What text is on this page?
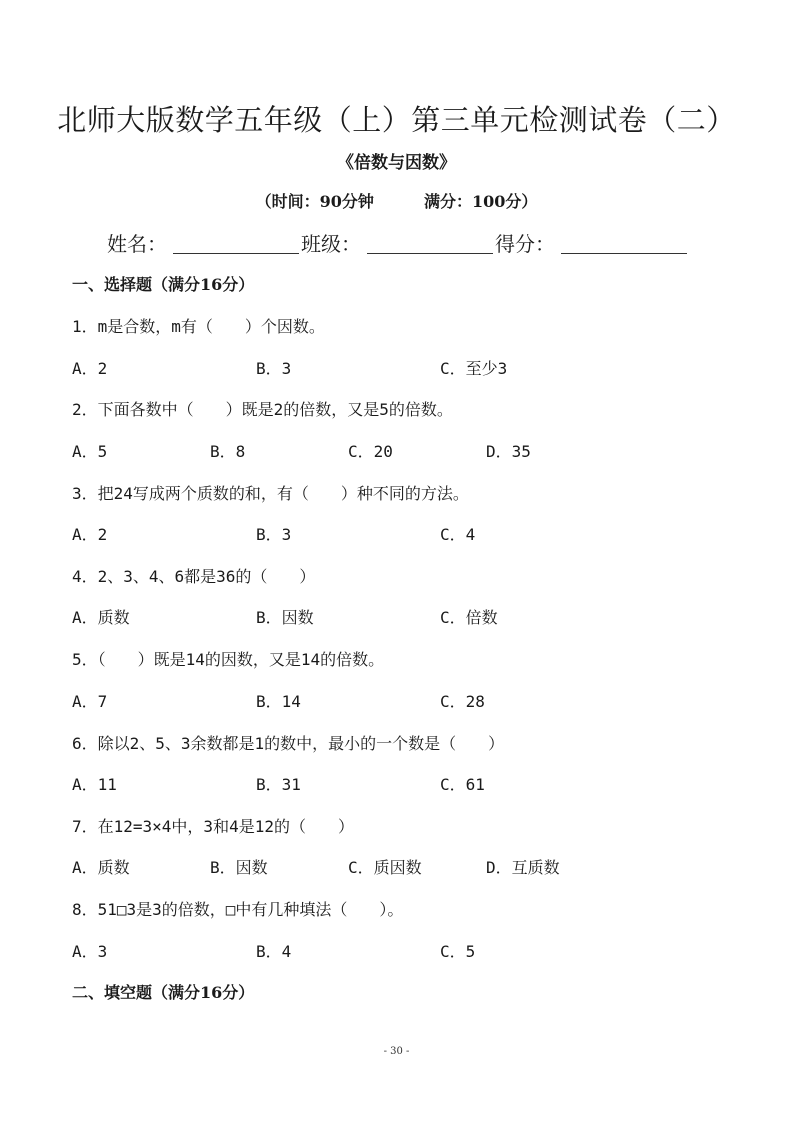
北师大版数学五年级（上）第三单元检测试卷（二）
《倍数与因数》
（时间：90分钟	满分：100分）
姓名：	班级：	得分：
一、选择题（满分16分）
1．m是合数，m有（　　）个因数。
A．2	B．3	C．至少3
2．下面各数中（　　）既是2的倍数，又是5的倍数。
A．5	B．8	C．20	D．35
3．把24写成两个质数的和，有（　　）种不同的方法。
A．2	B．3	C．4
4．2、3、4、6都是36的（　　）
A．质数	B．因数	C．倍数
5．（　　）既是14的因数，又是14的倍数。
A．7	B．14	C．28
6．除以2、5、3余数都是1的数中，最小的一个数是（　　）
A．11	B．31	C．61
7．在12=3×4中，3和4是12的（　　）
A．质数	B．因数	C．质因数	D．互质数
8．51□3是3的倍数，□中有几种填法（　　）。
A．3	B．4	C．5
二、填空题（满分16分）
- 30 -
